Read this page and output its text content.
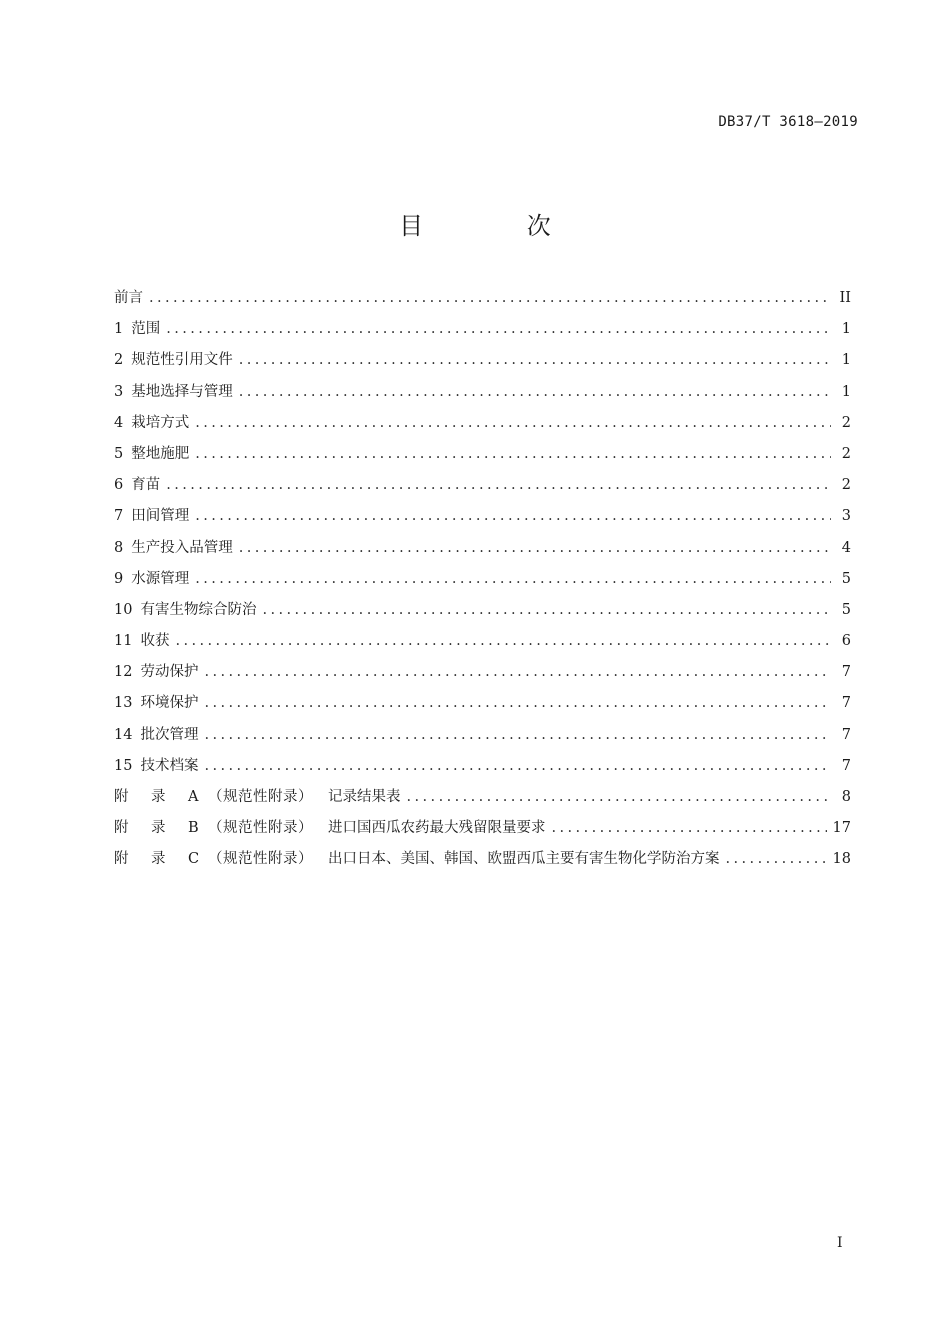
DB37/T 3618—2019
目 次
前言 . . .	II
1 范围 . . .	1
2 规范性引用文件 . . .	1
3 基地选择与管理 . . .	1
4 栽培方式 . . .	2
5 整地施肥 . . .	2
6 育苗 . . .	2
7 田间管理 . . .	3
8 生产投入品管理 . . .	4
9 水源管理 . . .	5
10 有害生物综合防治 . . .	5
11 收获 . . .	6
12 劳动保护 . . .	7
13 环境保护 . . .	7
14 批次管理 . . .	7
15 技术档案 . . .	7
附 录 A （规范性附录） 记录结果表 . . .	8
附 录 B （规范性附录） 进口国西瓜农药最大残留限量要求 . . .	17
附 录 C （规范性附录） 出口日本、美国、韩国、欧盟西瓜主要有害生物化学防治方案 . . .	18
I
